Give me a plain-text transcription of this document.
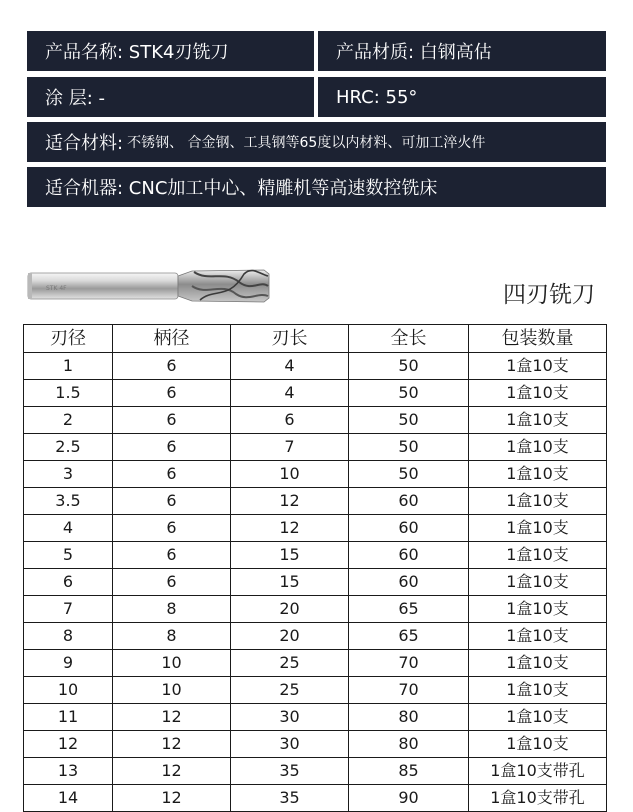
产品名称: STK4刃铣刀	产品材质: 白钢高估
涂 层: -	HRC: 55°
适合材料: 不锈钢、 合金钢、工具钢等65度以内材料、可加工淬火件
适合机器: CNC加工中心、精雕机等高速数控铣床
STK 4F	四刃铣刀
刃径	柄径	刃长	全长	包装数量
1	6	4	50	1盒10支
1.5	6	4	50	1盒10支
2	6	6	50	1盒10支
2.5	6	7	50	1盒10支
3	6	10	50	1盒10支
3.5	6	12	60	1盒10支
4	6	12	60	1盒10支
5	6	15	60	1盒10支
6	6	15	60	1盒10支
7	8	20	65	1盒10支
8	8	20	65	1盒10支
9	10	25	70	1盒10支
10	10	25	70	1盒10支
11	12	30	80	1盒10支
12	12	30	80	1盒10支
13	12	35	85	1盒10支带孔
14	12	35	90	1盒10支带孔
